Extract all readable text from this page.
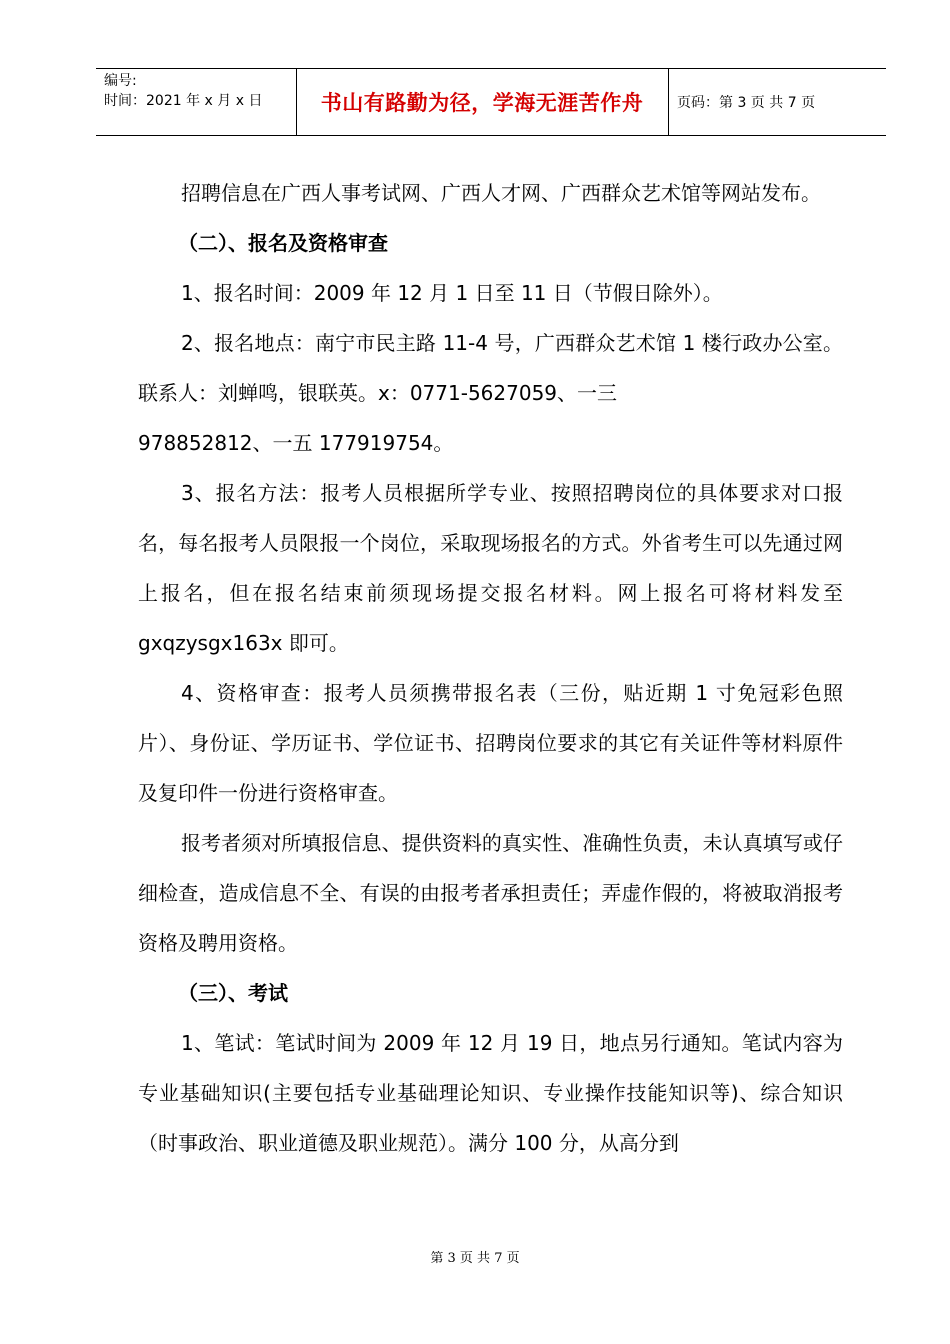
编号:
时间：2021 年 x 月 x 日	书山有路勤为径，学海无涯苦作舟	页码：第 3 页 共 7 页

招聘信息在广西人事考试网、广西人才网、广西群众艺术馆等网站发布。

（二）、报名及资格审查

1、报名时间：2009 年 12 月 1 日至 11 日（节假日除外）。

2、报名地点：南宁市民主路 11-4 号，广西群众艺术馆 1 楼行政办公室。联系人：刘蝉鸣，银联英。x：0771-5627059、一三

978852812、一五 177919754。

3、报名方法：报考人员根据所学专业、按照招聘岗位的具体要求对口报名，每名报考人员限报一个岗位，采取现场报名的方式。外省考生可以先通过网上报名，但在报名结束前须现场提交报名材料。网上报名可将材料发至 gxqzysgx163x 即可。

4、资格审查：报考人员须携带报名表（三份，贴近期 1 寸免冠彩色照片）、身份证、学历证书、学位证书、招聘岗位要求的其它有关证件等材料原件及复印件一份进行资格审查。

报考者须对所填报信息、提供资料的真实性、准确性负责，未认真填写或仔细检查，造成信息不全、有误的由报考者承担责任；弄虚作假的，将被取消报考资格及聘用资格。

（三）、考试

1、笔试：笔试时间为 2009 年 12 月 19 日，地点另行通知。笔试内容为专业基础知识(主要包括专业基础理论知识、专业操作技能知识等)、综合知识（时事政治、职业道德及职业规范）。满分 100 分，从高分到

第 3 页 共 7 页
